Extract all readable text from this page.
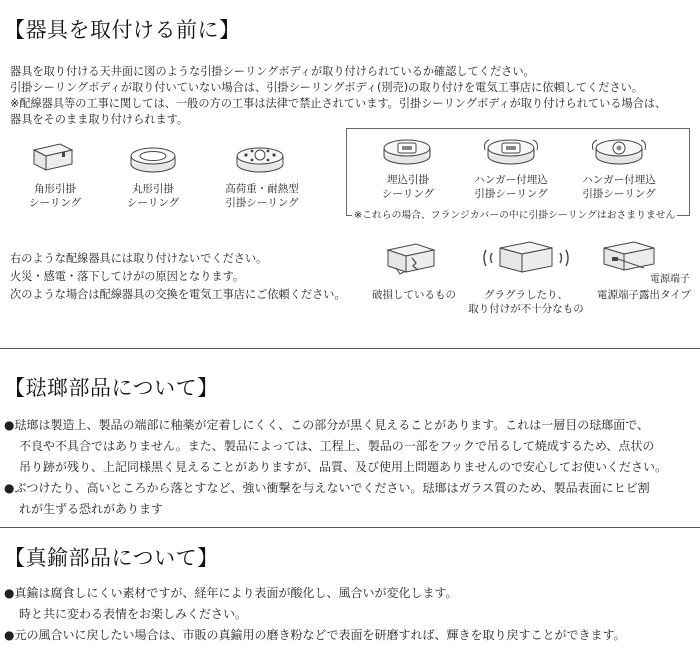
【器具を取付ける前に】
器具を取り付ける天井面に図のような引掛シーリングボディが取り付けられているか確認してください。
引掛シーリングボディが取り付いていない場合は、引掛シーリングボディ(別売)の取り付けを電気工事店に依頼してください。
※配線器具等の工事に関しては、一般の方の工事は法律で禁止されています。引掛シーリングボディが取り付けられている場合は、
器具をそのまま取り付けられます。
角形引掛
シーリング
丸形引掛
シーリング
高荷重・耐熱型
引掛シーリング
埋込引掛
シーリング
ハンガー付埋込
引掛シーリング
ハンガー付埋込
引掛シーリング
※これらの場合、フランジカバーの中に引掛シーリングはおさまりません
右のような配線器具には取り付けないでください。
火災・感電・落下してけがの原因となります。
次のような場合は配線器具の交換を電気工事店にご依頼ください。	破損しているもの	グラグラしたり、
取り付けが不十分なもの
電源端子
電源端子露出タイプ
【琺瑯部品について】
●琺瑯は製造上、製品の端部に釉薬が定着しにくく、この部分が黒く見えることがあります。これは一層目の琺瑯面で、
不良や不具合ではありません。また、製品によっては、工程上、製品の一部をフックで吊るして焼成するため、点状の
吊り跡が残り、上記同様黒く見えることがありますが、品質、及び使用上問題ありませんので安心してお使いください。
●ぶつけたり、高いところから落とすなど、強い衝撃を与えないでください。琺瑯はガラス質のため、製品表面にヒビ割
れが生ずる恐れがあります
【真鍮部品について】
●真鍮は腐食しにくい素材ですが、経年により表面が酸化し、風合いが変化します。
時と共に変わる表情をお楽しみください。
●元の風合いに戻したい場合は、市販の真鍮用の磨き粉などで表面を研磨すれば、輝きを取り戻すことができます。
